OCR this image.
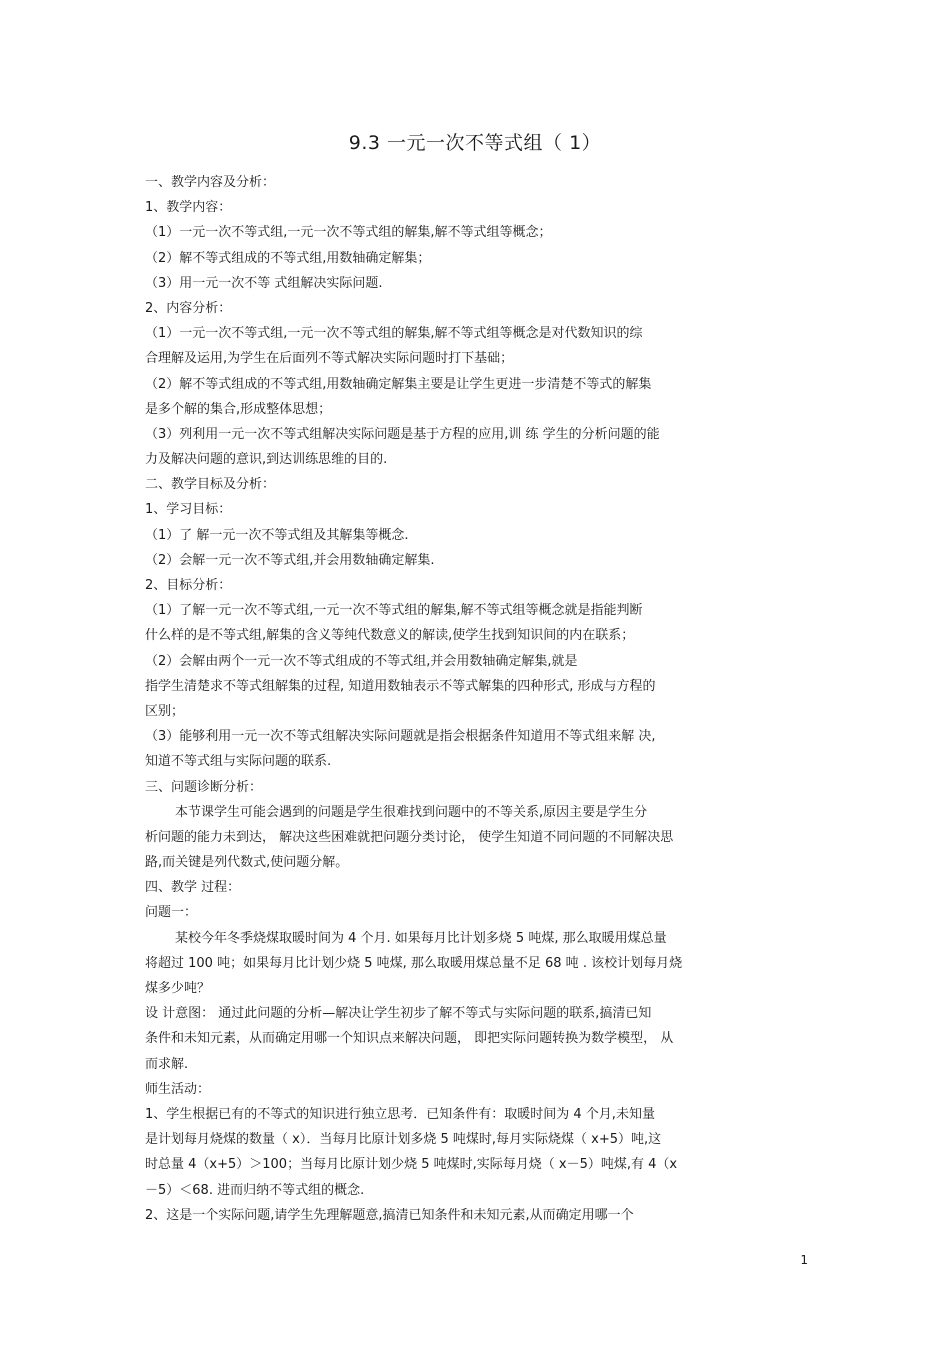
9.3 一元一次不等式组（ 1）
一、教学内容及分析：
1、教学内容：
（1）一元一次不等式组,一元一次不等式组的解集,解不等式组等概念；
（2）解不等式组成的不等式组,用数轴确定解集；
（3）用一元一次不等 式组解决实际问题.
2、内容分析：
（1）一元一次不等式组,一元一次不等式组的解集,解不等式组等概念是对代数知识的综
合理解及运用,为学生在后面列不等式解决实际问题时打下基础；
（2）解不等式组成的不等式组,用数轴确定解集主要是让学生更进一步清楚不等式的解集
是多个解的集合,形成整体思想；
（3）列利用一元一次不等式组解决实际问题是基于方程的应用,训 练 学生的分析问题的能
力及解决问题的意识,到达训练思维的目的.
二、教学目标及分析：
1、学习目标：
（1）了 解一元一次不等式组及其解集等概念.
（2）会解一元一次不等式组,并会用数轴确定解集.
2、目标分析：
（1）了解一元一次不等式组,一元一次不等式组的解集,解不等式组等概念就是指能判断
什么样的是不等式组,解集的含义等纯代数意义的解读,使学生找到知识间的内在联系；
（2）会解由两个一元一次不等式组成的不等式组,并会用数轴确定解集,就是
指学生清楚求不等式组解集的过程, 知道用数轴表示不等式解集的四种形式, 形成与方程的
区别；
（3）能够利用一元一次不等式组解决实际问题就是指会根据条件知道用不等式组来解 决,
知道不等式组与实际问题的联系.
三、问题诊断分析：
本节课学生可能会遇到的问题是学生很难找到问题中的不等关系,原因主要是学生分
析问题的能力未到达， 解决这些困难就把问题分类讨论， 使学生知道不同问题的不同解决思
路,而关键是列代数式,使问题分解。
四、教学 过程：
问题一：
某校今年冬季烧煤取暖时间为 4 个月. 如果每月比计划多烧 5 吨煤, 那么取暖用煤总量
将超过 100 吨；如果每月比计划少烧 5 吨煤, 那么取暖用煤总量不足 68 吨 . 该校计划每月烧
煤多少吨？
设 计意图： 通过此问题的分析—解决让学生初步了解不等式与实际问题的联系,搞清已知
条件和未知元素，从而确定用哪一个知识点来解决问题， 即把实际问题转换为数学模型， 从
而求解.
师生活动：
1、学生根据已有的不等式的知识进行独立思考．已知条件有：取暖时间为 4 个月,未知量
是计划每月烧煤的数量（ x）．当每月比原计划多烧 5 吨煤时,每月实际烧煤（ x+5）吨,这
时总量 4（x+5）＞100；当每月比原计划少烧 5 吨煤时,实际每月烧（ x－5）吨煤,有 4（x
－5）＜68. 进而归纳不等式组的概念.
2、这是一个实际问题,请学生先理解题意,搞清已知条件和未知元素,从而确定用哪一个
1
